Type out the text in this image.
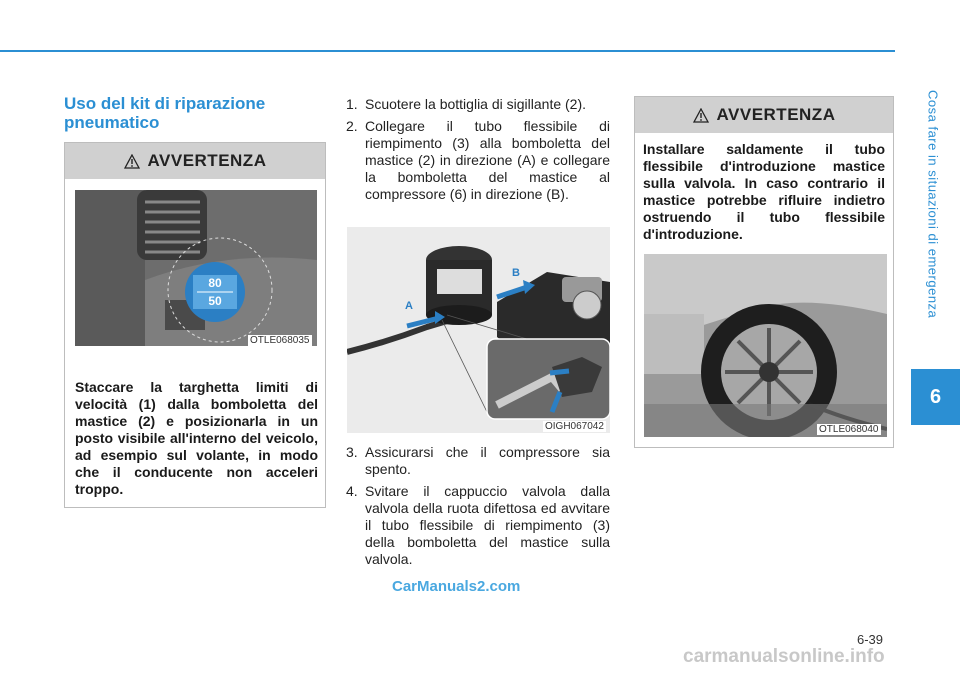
Cosa fare in situazioni di emergenza
6
Uso del kit di riparazione pneumatico
AVVERTENZA
80
50
OTLE068035
Staccare la targhetta limiti di velocità (1) dalla bomboletta del mastice (2) e posizionarla in un posto visibile all'interno del veicolo, ad esempio sul volante, in modo che il conducente non acceleri troppo.
1. Scuotere la bottiglia di sigillante (2).
2. Collegare il tubo flessibile di riempimento (3) alla bomboletta del mastice (2) in direzione (A) e collegare la bomboletta del mastice al compressore (6) in direzione (B).
A
B
OIGH067042
3. Assicurarsi che il compressore sia spento.
4. Svitare il cappuccio valvola dalla valvola della ruota difettosa ed avvitare il tubo flessibile di riempimento (3) della bomboletta del mastice sulla valvola.
AVVERTENZA
Installare saldamente il tubo flessibile d'introduzione mastice sulla valvola. In caso contrario il mastice potrebbe rifluire indietro ostruendo il tubo flessibile d'introduzione.
OTLE068040
CarManuals2.com
6-39
carmanualsonline.info
